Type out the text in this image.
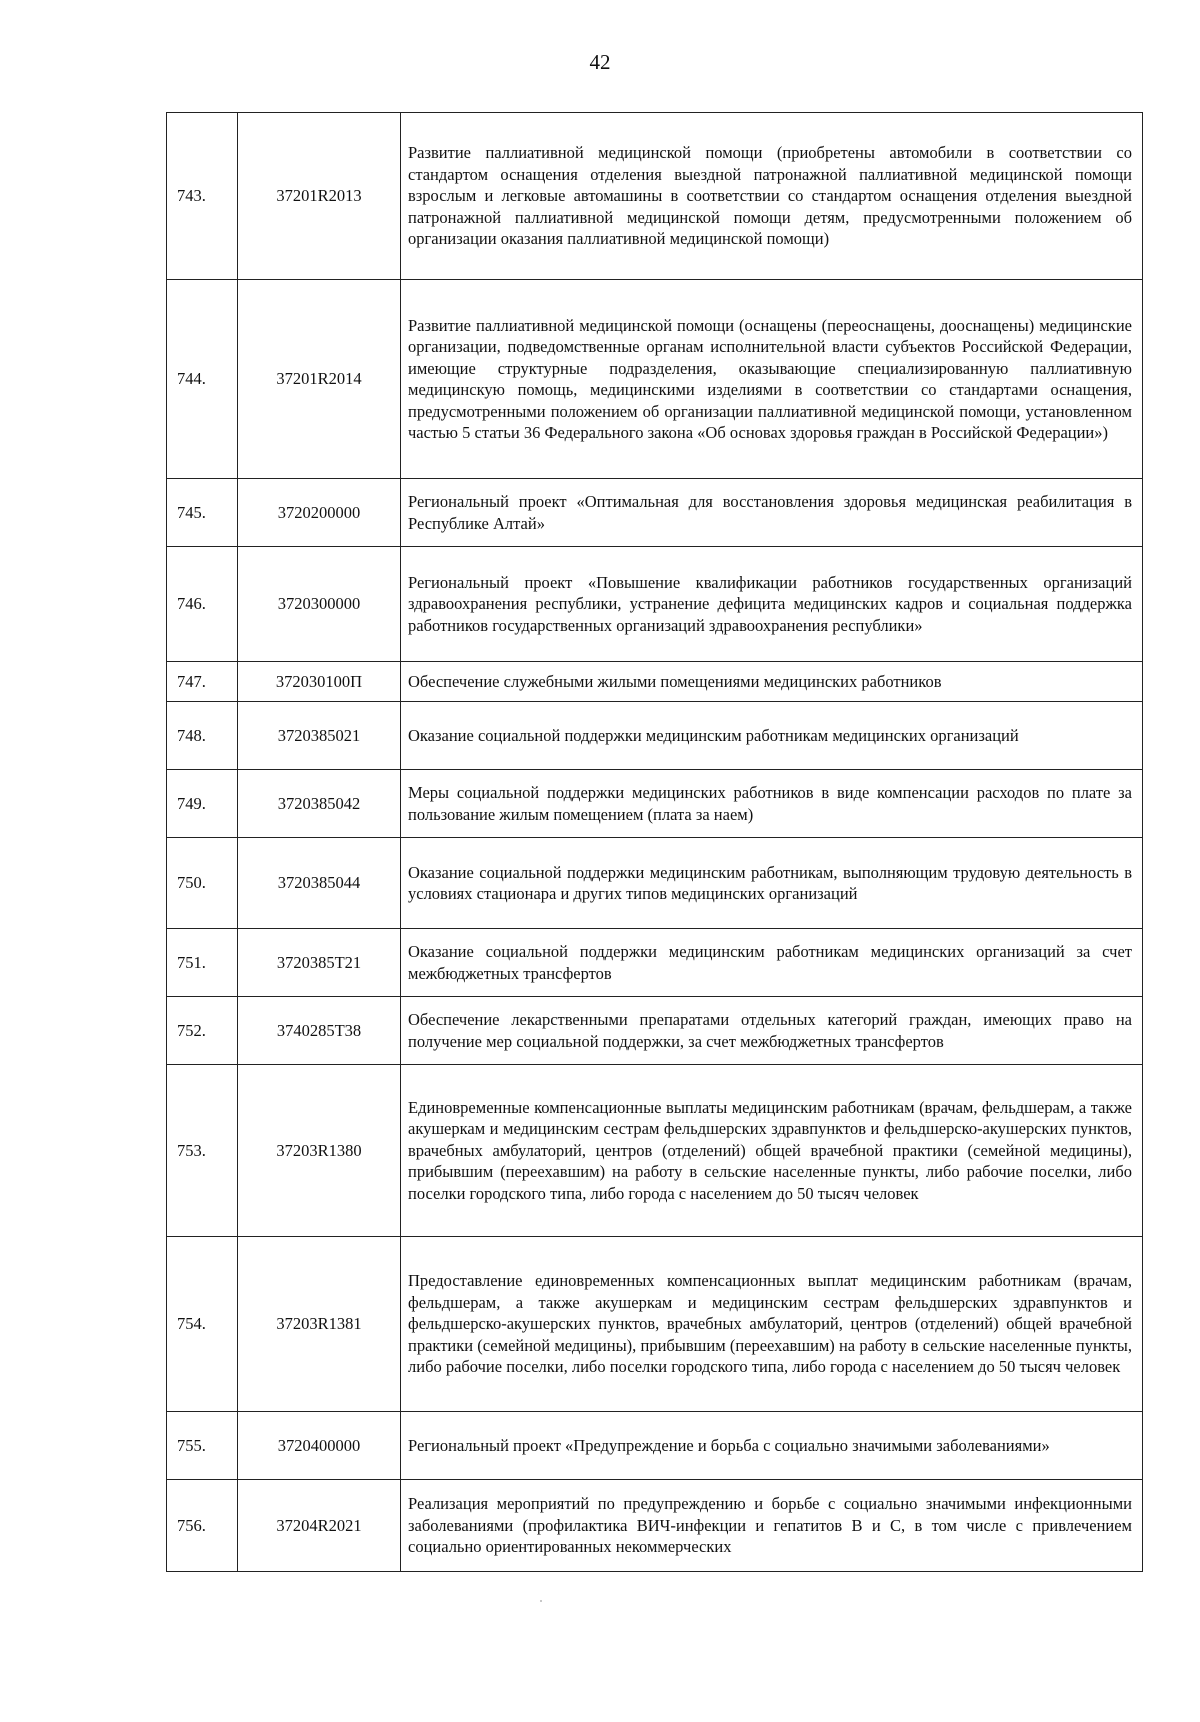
42
743.	37201R2013	Развитие паллиативной медицинской помощи (приобретены автомобили в соответствии со стандартом оснащения отделения выездной патронажной паллиативной медицинской помощи взрослым и легковые автомашины в соответствии со стандартом оснащения отделения выездной патронажной паллиативной медицинской помощи детям, предусмотренными положением об организации оказания паллиативной медицинской помощи)
744.	37201R2014	Развитие паллиативной медицинской помощи (оснащены (переоснащены, дооснащены) медицинские организации, подведомственные органам исполнительной власти субъектов Российской Федерации, имеющие структурные подразделения, оказывающие специализированную паллиативную медицинскую помощь, медицинскими изделиями в соответствии со стандартами оснащения, предусмотренными положением об организации паллиативной медицинской помощи, установленном частью 5 статьи 36 Федерального закона «Об основах здоровья граждан в Российской Федерации»)
745.	3720200000	Региональный проект «Оптимальная для восстановления здоровья медицинская реабилитация в Республике Алтай»
746.	3720300000	Региональный проект «Повышение квалификации работников государственных организаций здравоохранения республики, устранение дефицита медицинских кадров и социальная поддержка работников государственных организаций здравоохранения республики»
747.	372030100П	Обеспечение служебными жилыми помещениями медицинских работников
748.	3720385021	Оказание социальной поддержки медицинским работникам медицинских организаций
749.	3720385042	Меры социальной поддержки медицинских работников в виде компенсации расходов по плате за пользование жилым помещением (плата за наем)
750.	3720385044	Оказание социальной поддержки медицинским работникам, выполняющим трудовую деятельность в условиях стационара и других типов медицинских организаций
751.	3720385Т21	Оказание социальной поддержки медицинским работникам медицинских организаций за счет межбюджетных трансфертов
752.	3740285Т38	Обеспечение лекарственными препаратами отдельных категорий граждан, имеющих право на получение мер социальной поддержки, за счет межбюджетных трансфертов
753.	37203R1380	Единовременные компенсационные выплаты медицинским работникам (врачам, фельдшерам, а также акушеркам и медицинским сестрам фельдшерских здравпунктов и фельдшерско-акушерских пунктов, врачебных амбулаторий, центров (отделений) общей врачебной практики (семейной медицины), прибывшим (переехавшим) на работу в сельские населенные пункты, либо рабочие поселки, либо поселки городского типа, либо города с населением до 50 тысяч человек
754.	37203R1381	Предоставление единовременных компенсационных выплат медицинским работникам (врачам, фельдшерам, а также акушеркам и медицинским сестрам фельдшерских здравпунктов и фельдшерско-акушерских пунктов, врачебных амбулаторий, центров (отделений) общей врачебной практики (семейной медицины), прибывшим (переехавшим) на работу в сельские населенные пункты, либо рабочие поселки, либо поселки городского типа, либо города с населением до 50 тысяч человек
755.	3720400000	Региональный проект «Предупреждение и борьба с социально значимыми заболеваниями»
756.	37204R2021	Реализация мероприятий по предупреждению и борьбе с социально значимыми инфекционными заболеваниями (профилактика ВИЧ-инфекции и гепатитов В и С, в том числе с привлечением социально ориентированных некоммерческих
